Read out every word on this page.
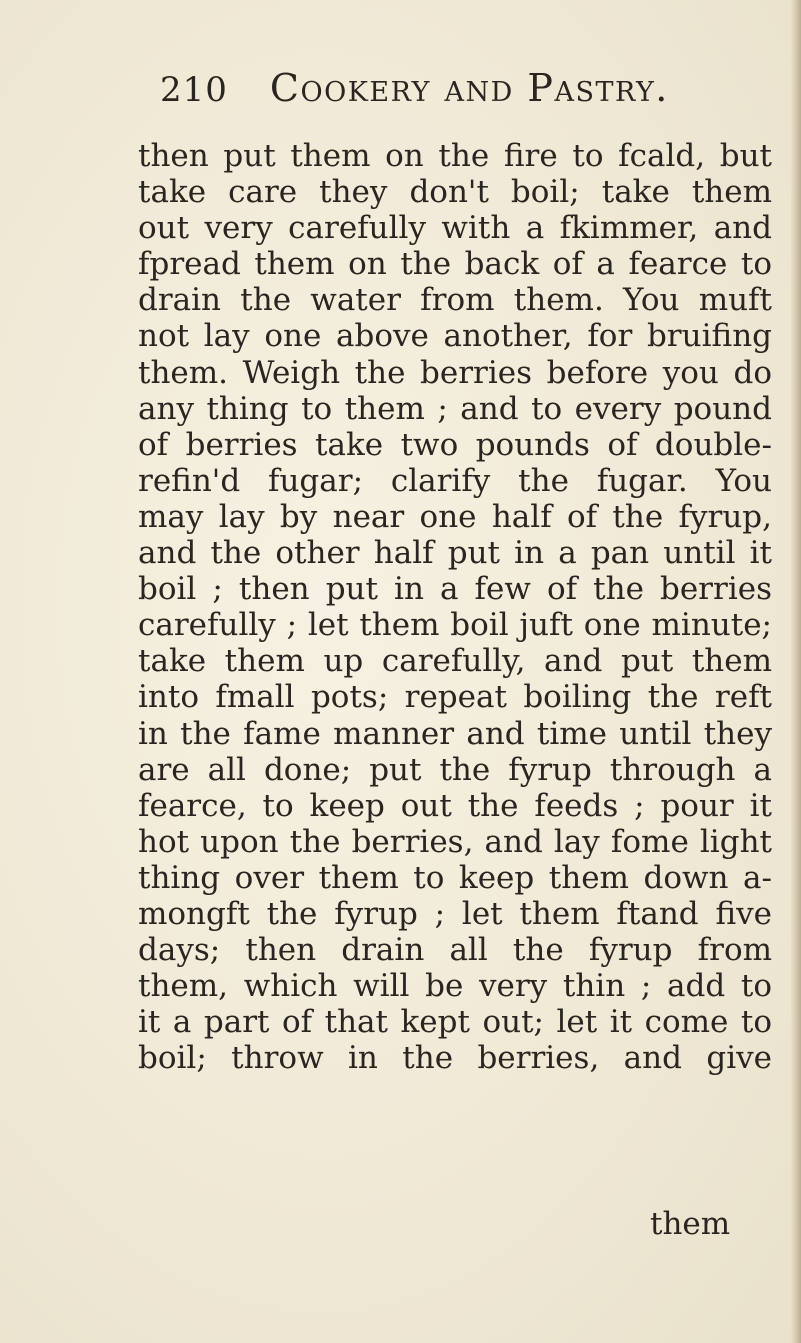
210 Cookery and Pastry.
then put them on the fire to fcald, but
take care they don't boil; take them
out very carefully with a fkimmer, and
fpread them on the back of a fearce to
drain the water from them. You muft
not lay one above another, for bruifing
them. Weigh the berries before you do
any thing to them ; and to every pound
of berries take two pounds of double-
refin'd fugar; clarify the fugar. You
may lay by near one half of the fyrup,
and the other half put in a pan until it
boil ; then put in a few of the berries
carefully ; let them boil juft one minute;
take them up carefully, and put them
into fmall pots; repeat boiling the reft
in the fame manner and time until they
are all done; put the fyrup through a
fearce, to keep out the feeds ; pour it
hot upon the berries, and lay fome light
thing over them to keep them down a-
mongft the fyrup ; let them ftand five
days; then drain all the fyrup from
them, which will be very thin ; add to
it a part of that kept out; let it come to
boil; throw in the berries, and give
them
